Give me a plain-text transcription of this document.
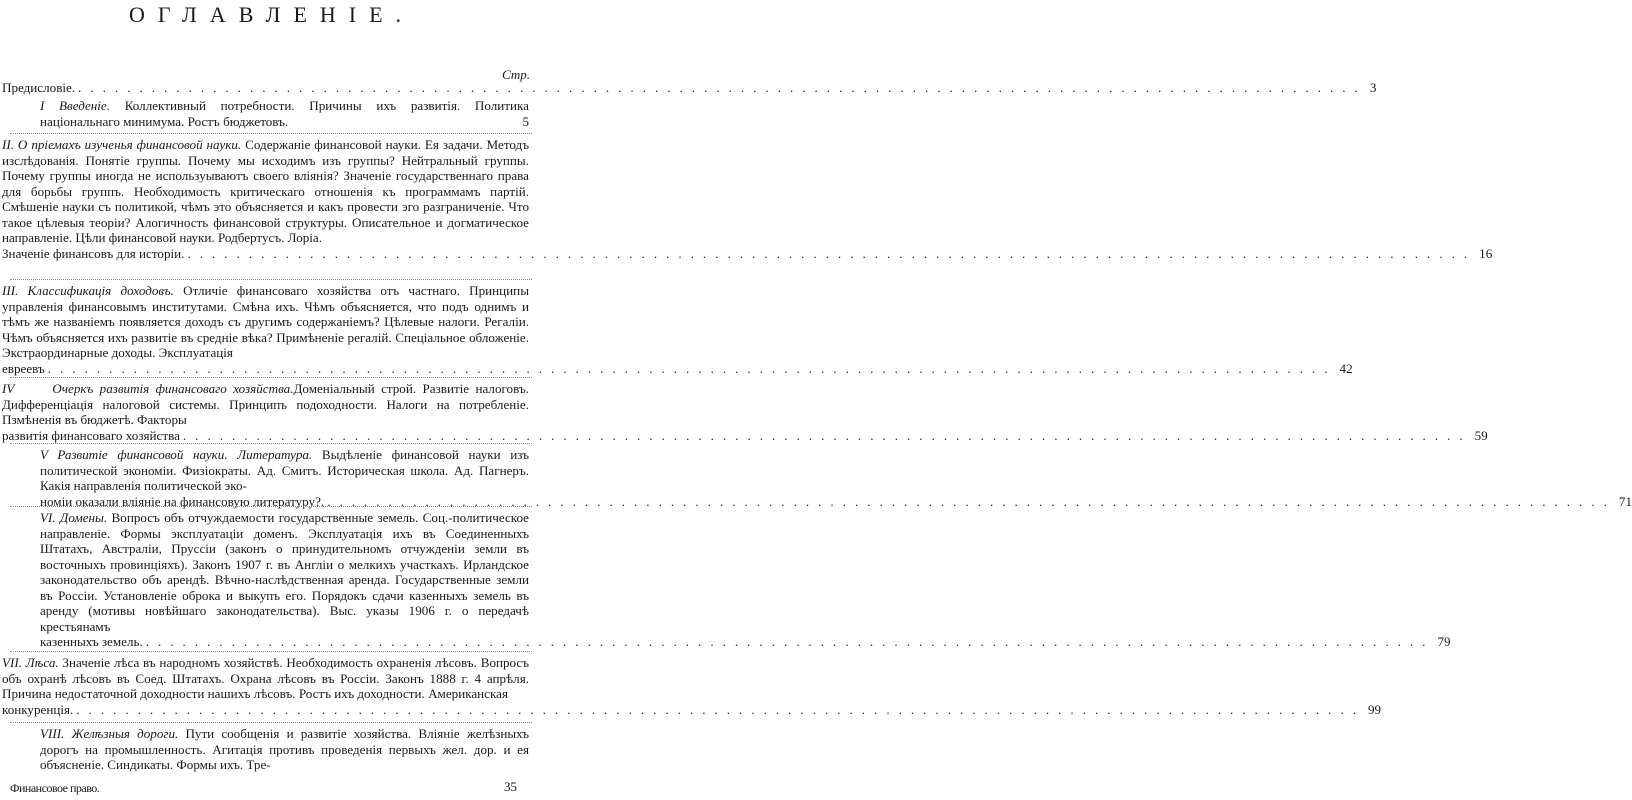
ОГЛАВЛЕНІЕ.
Стр.
Предисловіе. ......................................................................................................... 3
I Введеніе. Коллективный потребности. Причины ихъ развитія. Политика національнаго минимума. Ростъ бюджетовъ.	5
II. О пріемахъ изученья финансовой науки. Содержаніе финансовой науки. Ея задачи. Методъ изслѣдованія. Понятіе группы. Почему мы исходимъ изъ группы? Нейтральный группы. Почему группы иногда не используываютъ своего вліянія? Значеніе государственнаго права для борьбы группъ. Необходимость критическаго отношенія къ программамъ партій. Смѣшеніе науки съ политикой, чѣмъ это объясняется и какъ провести эго разграниченіе. Что такое цѣлевыя теоріи? Алогичность финансовой структуры. Описательное и догматическое направленіе. Цѣли финансовой науки. Родбертусъ. Лоріа.
Значеніе финансовъ для исторіи. ......................................................................................................... 16
III. Классификація доходовъ. Отличіе финансоваго хозяйства отъ частнаго. Принципы управленія финансовымъ институтами. Смѣна ихъ. Чѣмъ объясняется, что подъ однимъ и тѣмъ же названіемъ появляется доходъ съ другимъ содержаніемъ? Цѣлевые налоги. Регаліи. Чѣмъ объясняется ихъ развитіе въ средніе вѣка? Примѣненіе регалій. Спеціальное обложеніе. Экстраординарные доходы. Эксплуатація
евреевъ ......................................................................................................... 42
IV      Очеркъ развитія финансоваго хозяйства.Доменіальный строй. Развитіе налоговъ. Дифференціація налоговой системы. Принципъ подоходности. Налоги на потребленіе. Пзмѣненія въ бюджетѣ. Факторы
развитія финансоваго хозяйства ......................................................................................................... 59
V Развитіе финансовой науки. Литература. Выдѣленіе финансовой науки изъ политической экономіи. Физіократы. Ад. Смитъ. Историческая школа. Ад. Пагнеръ. Какія направленія политической эко-
номіи оказали вліяніе на финансовую литературу?. ......................................................................................................... 71
VI. Домены. Вопросъ объ отчуждаемости государственные земель. Соц.-политическое направленіе. Формы эксплуатаціи доменъ. Эксплуатація ихъ въ Соединенныхъ Штатахъ, Австраліи, Пруссіи (законъ о принудительномъ отчужденіи земли въ восточныхъ провинціяхъ). Законъ 1907 г. въ Англіи о мелкихъ участкахъ. Ирландское законодательство объ арендѣ. Вѣчно-наслѣдственная аренда. Государственные земли въ Россіи. Установленіе оброка и выкупъ его. Порядокъ сдачи казенныхъ земель въ аренду (мотивы новѣйшаго законодательства). Выс. указы 1906 г. о передачѣ крестьянамъ
казенныхъ земель. ......................................................................................................... 79
VII. Лѣса. Значеніе лѣса въ народномъ хозяйствѣ. Необходимость охраненія лѣсовъ. Вопросъ объ охранѣ лѣсовъ въ Соед. Штатахъ. Охрана лѣсовъ въ Россіи. Законъ 1888 г. 4 апрѣля. Причина недостаточной доходности нашихъ лѣсовъ. Ростъ ихъ доходности. Американская
конкуренція. ......................................................................................................... 99
VIII. Желѣзныя дороги. Пути сообщенія и развитіе хозяйства. Вліяніе желѣзныхъ дорогъ на промышленность. Агитація противъ проведенія первыхъ жел. дор. и ея объясненіе. Синдикаты. Формы ихъ. Тре-
Финансовое право.	35
